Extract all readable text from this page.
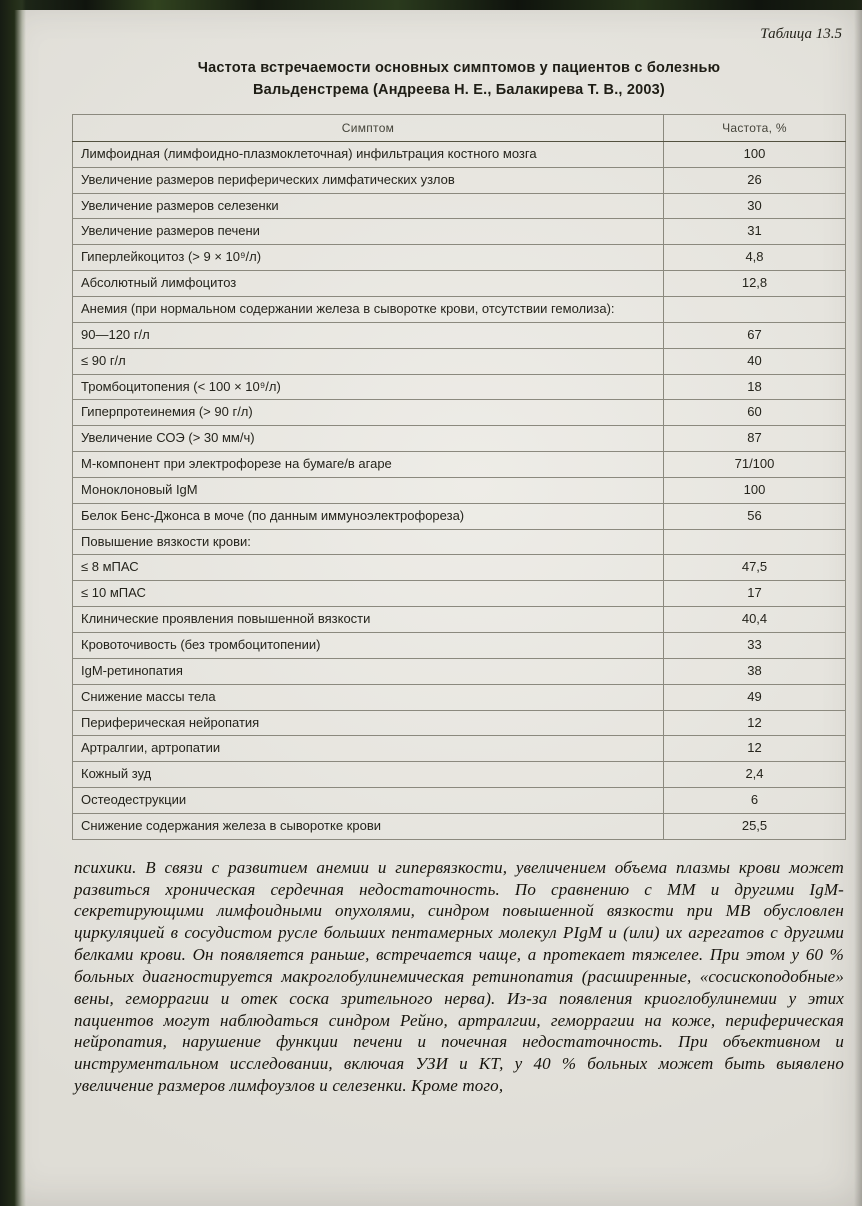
Таблица 13.5
Частота встречаемости основных симптомов у пациентов с болезнью
Вальденстрема (Андреева Н. Е., Балакирева Т. В., 2003)
Симптом	Частота, %
Лимфоидная (лимфоидно-плазмоклеточная) инфильтрация костного мозга	100
Увеличение размеров периферических лимфатических узлов	26
Увеличение размеров селезенки	30
Увеличение размеров печени	31
Гиперлейкоцитоз (> 9 × 10⁹/л)	4,8
Абсолютный лимфоцитоз	12,8
Анемия (при нормальном содержании железа в сыворотке крови, отсутствии гемолиза):	
90—120 г/л	67
≤ 90 г/л	40
Тромбоцитопения (< 100 × 10⁹/л)	18
Гиперпротеинемия (> 90 г/л)	60
Увеличение СОЭ (> 30 мм/ч)	87
М-компонент при электрофорезе на бумаге/в агаре	71/100
Моноклоновый IgM	100
Белок Бенс-Джонса в моче (по данным иммуноэлектрофореза)	56
Повышение вязкости крови:	
≤ 8 мПАС	47,5
≤ 10 мПАС	17
Клинические проявления повышенной вязкости	40,4
Кровоточивость (без тромбоцитопении)	33
IgM-ретинопатия	38
Снижение массы тела	49
Периферическая нейропатия	12
Артралгии, артропатии	12
Кожный зуд	2,4
Остеодеструкции	6
Снижение содержания железа в сыворотке крови	25,5

психики. В связи с развитием анемии и гипервязкости, увеличением объема плазмы крови может развиться хроническая сердечная недостаточность. По сравнению с ММ и другими IgM-секретирующими лимфоидными опухолями, синдром повышенной вязкости при МВ обусловлен циркуляцией в сосудистом русле больших пентамерных молекул PIgM и (или) их агрегатов с другими белками крови. Он появляется раньше, встречается чаще, а протекает тяжелее. При этом у 60 % больных диагностируется макроглобулинемическая ретинопатия (расширенные, «сосископодобные» вены, геморрагии и отек соска зрительного нерва). Из-за появления криоглобулинемии у этих пациентов могут наблюдаться синдром Рейно, артралгии, геморрагии на коже, периферическая нейропатия, нарушение функции печени и почечная недостаточность. При объективном и инструментальном исследовании, включая УЗИ и КТ, у 40 % больных может быть выявлено увеличение размеров лимфоузлов и селезенки. Кроме того,
